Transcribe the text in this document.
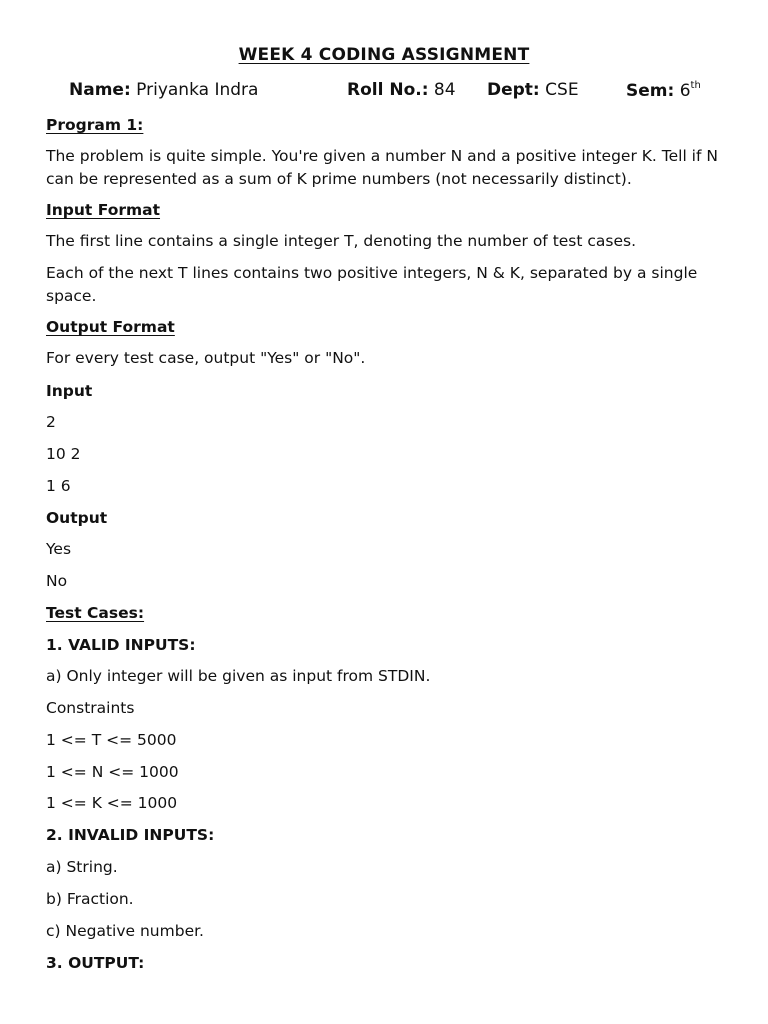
WEEK 4 CODING ASSIGNMENT
Name: Priyanka Indra	Roll No.: 84 Dept: CSE	Sem: 6th
Program 1:
The problem is quite simple. You're given a number N and a positive integer K. Tell if N can be represented as a sum of K prime numbers (not necessarily distinct).
Input Format
The first line contains a single integer T, denoting the number of test cases.
Each of the next T lines contains two positive integers, N & K, separated by a single space.
Output Format
For every test case, output "Yes" or "No".
Input
2
10 2
1 6
Output
Yes
No
Test Cases:
1. VALID INPUTS:
a) Only integer will be given as input from STDIN.
Constraints
1 <= T <= 5000
1 <= N <= 1000
1 <= K <= 1000
2. INVALID INPUTS:
a) String.
b) Fraction.
c) Negative number.
3. OUTPUT:
